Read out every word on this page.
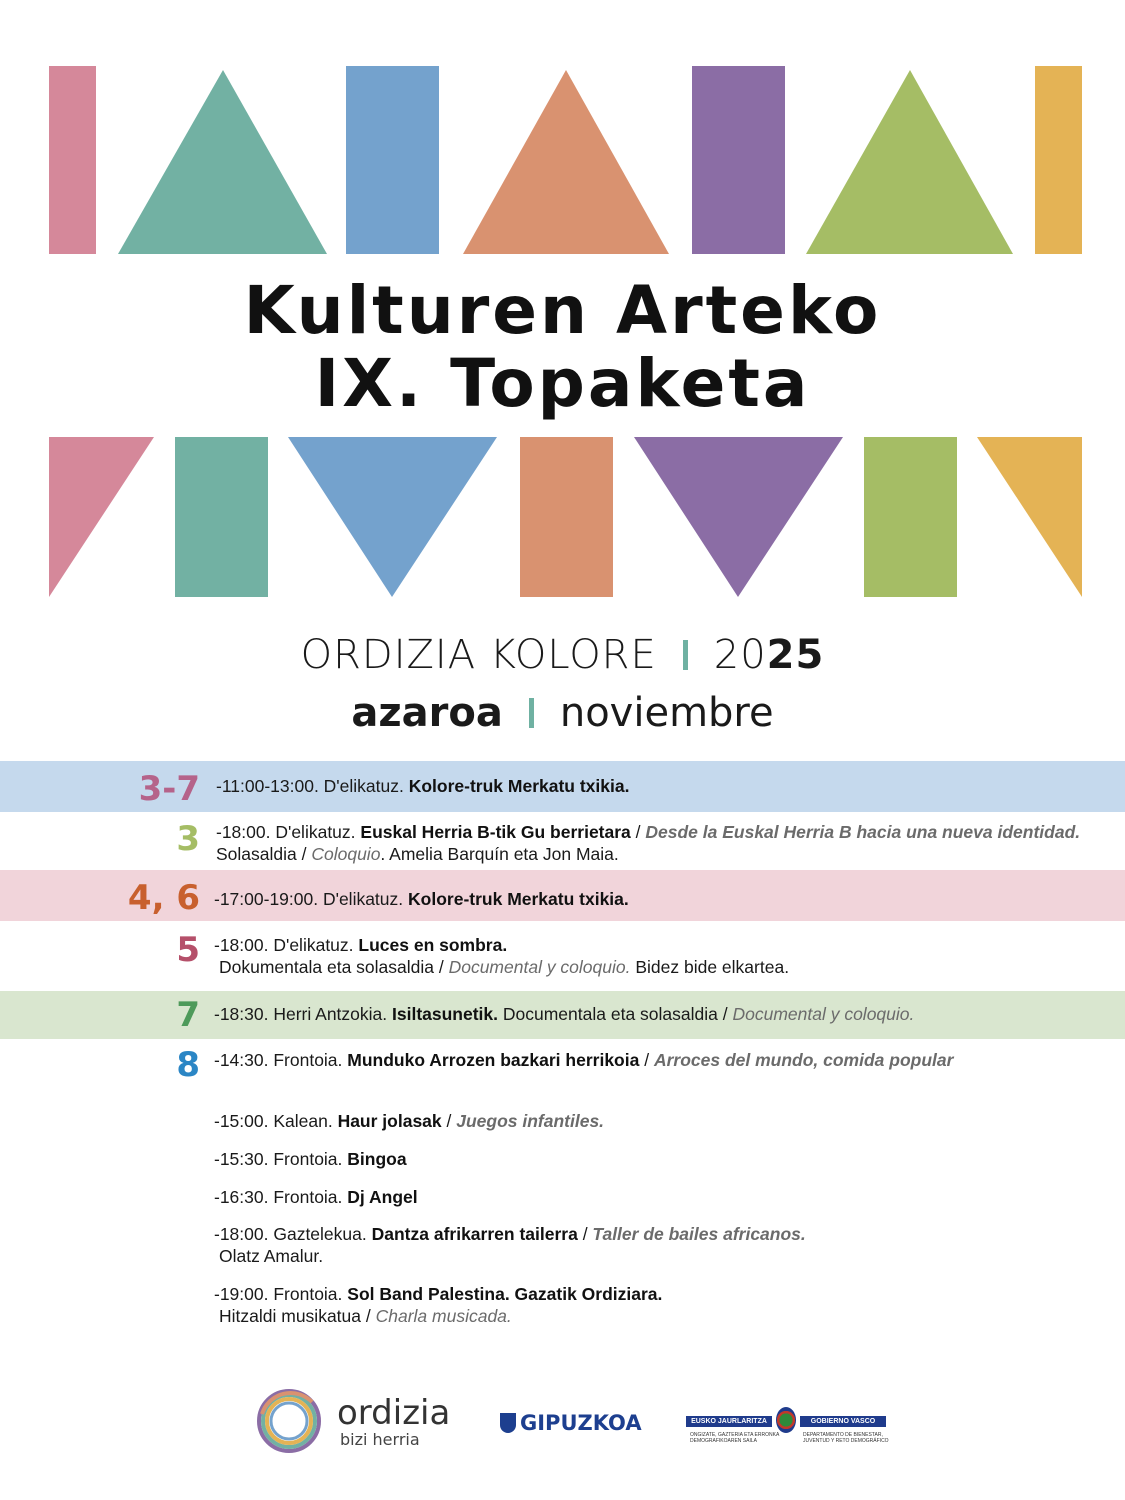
Kulturen Arteko
IX. Topaketa
ORDIZIA KOLORE 2025
azaroa noviembre
3-7 -11:00-13:00. D'elikatuz. Kolore-truk Merkatu txikia.
3 -18:00. D'elikatuz. Euskal Herria B-tik Gu berrietara / Desde la Euskal Herria B hacia una nueva identidad. Solasaldia / Coloquio. Amelia Barquín eta Jon Maia.
4, 6 -17:00-19:00. D'elikatuz. Kolore-truk Merkatu txikia.
5 -18:00. D'elikatuz. Luces en sombra.
Dokumentala eta solasaldia / Documental y coloquio. Bidez bide elkartea.
7 -18:30. Herri Antzokia. Isiltasunetik. Documentala eta solasaldia / Documental y coloquio.
8 -14:30. Frontoia. Munduko Arrozen bazkari herrikoia / Arroces del mundo, comida popular
-15:00. Kalean. Haur jolasak / Juegos infantiles.
-15:30. Frontoia. Bingoa
-16:30. Frontoia. Dj Angel
-18:00. Gaztelekua. Dantza afrikarren tailerra / Taller de bailes africanos.
Olatz Amalur.
-19:00. Frontoia. Sol Band Palestina. Gazatik Ordiziara.
Hitzaldi musikatua / Charla musicada.
ordizia
bizi herria
GIPUZKOA	EUSKO JAURLARITZA	GOBIERNO VASCO
ONGIZATE, GAZTERIA ETA ERRONKA DEMOGRAFIKOAREN SAILA
DEPARTAMENTO DE BIENESTAR, JUVENTUD Y RETO DEMOGRÁFICO
